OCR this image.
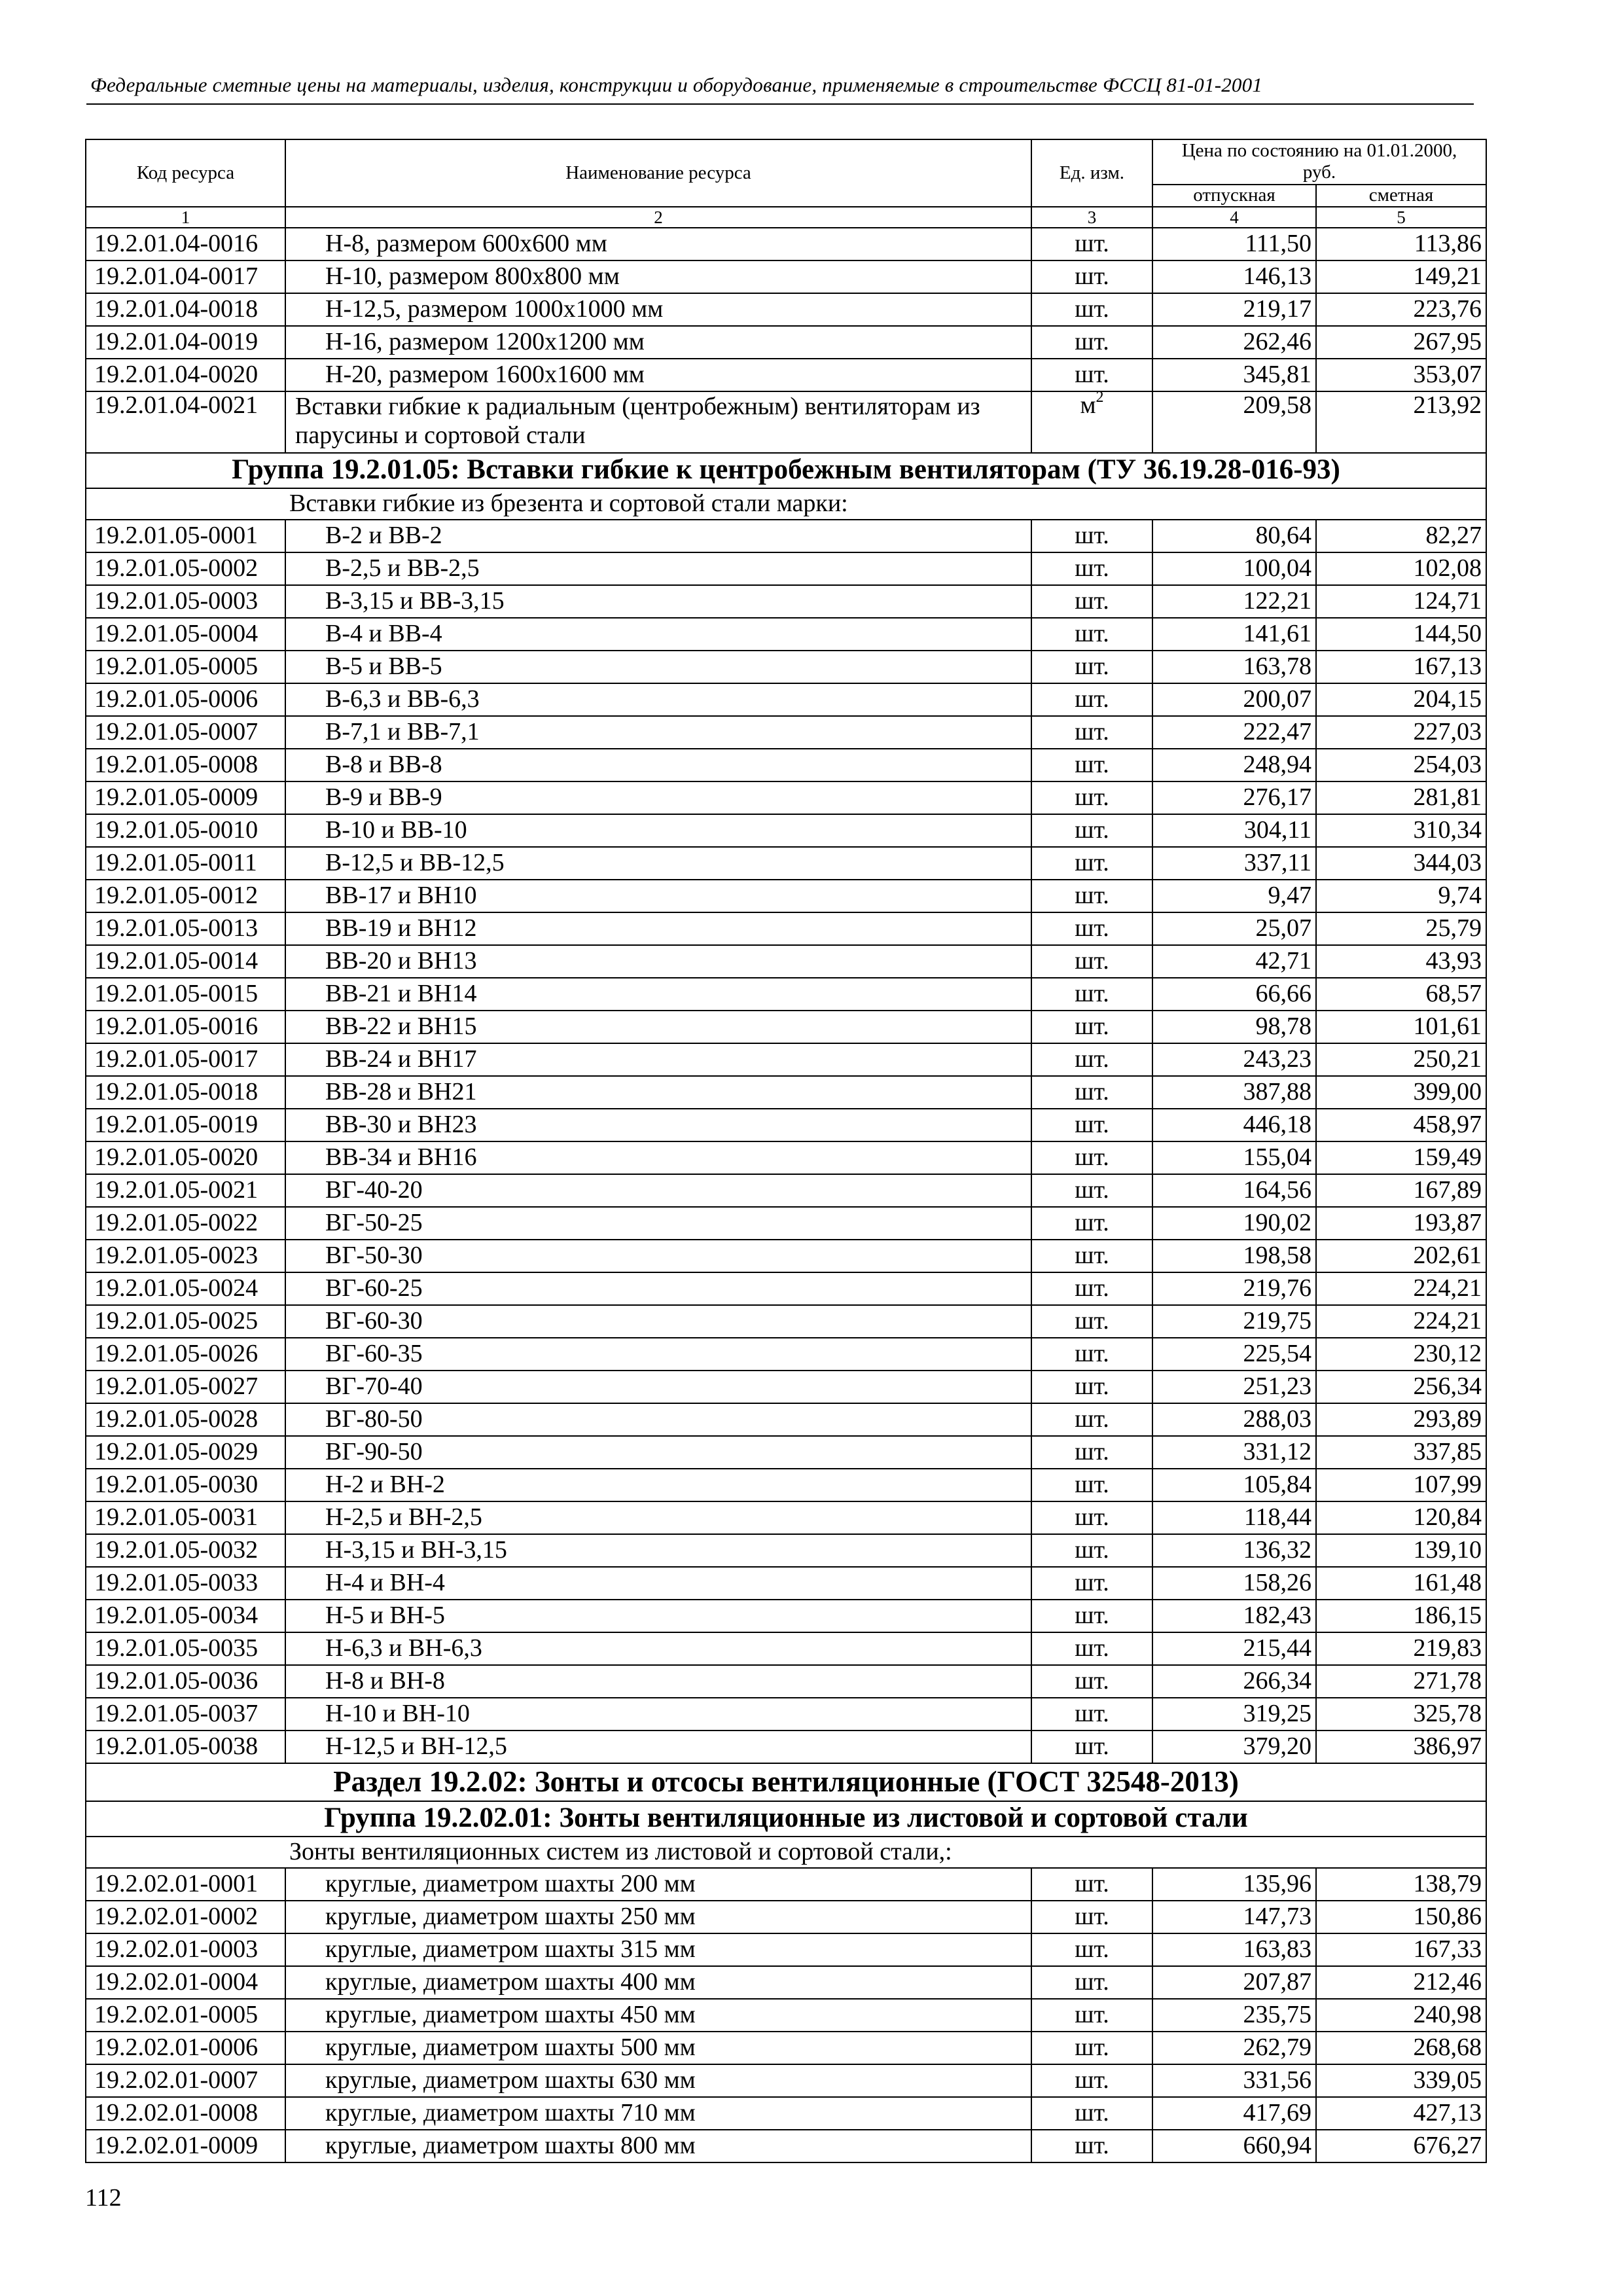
Федеральные сметные цены на материалы, изделия, конструкции и оборудование, применяемые в строительстве ФССЦ 81-01-2001
Код ресурса	Наименование ресурса	Ед. изм.	Цена по состоянию на 01.01.2000, руб.	
			отпускная	сметная
1	2	3	4	5
19.2.01.04-0016	Н-8, размером 600х600 мм	шт.	111,50	113,86
19.2.01.04-0017	Н-10, размером 800х800 мм	шт.	146,13	149,21
19.2.01.04-0018	Н-12,5, размером 1000х1000 мм	шт.	219,17	223,76
19.2.01.04-0019	Н-16, размером 1200х1200 мм	шт.	262,46	267,95
19.2.01.04-0020	Н-20, размером 1600х1600 мм	шт.	345,81	353,07
19.2.01.04-0021	Вставки гибкие к радиальным (центробежным) вентиляторам из парусины и сортовой стали	$м^2$	209,58	213,92
Группа 19.2.01.05: Вставки гибкие к центробежным вентиляторам (ТУ 36.19.28-016-93)				
Вставки гибкие из брезента и сортовой стали марки:				
19.2.01.05-0001	В-2 и ВВ-2	шт.	80,64	82,27
19.2.01.05-0002	В-2,5 и ВВ-2,5	шт.	100,04	102,08
19.2.01.05-0003	В-3,15 и ВВ-3,15	шт.	122,21	124,71
19.2.01.05-0004	В-4 и ВВ-4	шт.	141,61	144,50
19.2.01.05-0005	В-5 и ВВ-5	шт.	163,78	167,13
19.2.01.05-0006	В-6,3 и ВВ-6,3	шт.	200,07	204,15
19.2.01.05-0007	В-7,1 и ВВ-7,1	шт.	222,47	227,03
19.2.01.05-0008	В-8 и ВВ-8	шт.	248,94	254,03
19.2.01.05-0009	В-9 и ВВ-9	шт.	276,17	281,81
19.2.01.05-0010	В-10 и ВВ-10	шт.	304,11	310,34
19.2.01.05-0011	В-12,5 и ВВ-12,5	шт.	337,11	344,03
19.2.01.05-0012	ВВ-17 и ВН10	шт.	9,47	9,74
19.2.01.05-0013	ВВ-19 и ВН12	шт.	25,07	25,79
19.2.01.05-0014	ВВ-20 и ВН13	шт.	42,71	43,93
19.2.01.05-0015	ВВ-21 и ВН14	шт.	66,66	68,57
19.2.01.05-0016	ВВ-22 и ВН15	шт.	98,78	101,61
19.2.01.05-0017	ВВ-24 и ВН17	шт.	243,23	250,21
19.2.01.05-0018	ВВ-28 и ВН21	шт.	387,88	399,00
19.2.01.05-0019	ВВ-30 и ВН23	шт.	446,18	458,97
19.2.01.05-0020	ВВ-34 и ВН16	шт.	155,04	159,49
19.2.01.05-0021	ВГ-40-20	шт.	164,56	167,89
19.2.01.05-0022	ВГ-50-25	шт.	190,02	193,87
19.2.01.05-0023	ВГ-50-30	шт.	198,58	202,61
19.2.01.05-0024	ВГ-60-25	шт.	219,76	224,21
19.2.01.05-0025	ВГ-60-30	шт.	219,75	224,21
19.2.01.05-0026	ВГ-60-35	шт.	225,54	230,12
19.2.01.05-0027	ВГ-70-40	шт.	251,23	256,34
19.2.01.05-0028	ВГ-80-50	шт.	288,03	293,89
19.2.01.05-0029	ВГ-90-50	шт.	331,12	337,85
19.2.01.05-0030	Н-2 и ВН-2	шт.	105,84	107,99
19.2.01.05-0031	Н-2,5 и ВН-2,5	шт.	118,44	120,84
19.2.01.05-0032	Н-3,15 и ВН-3,15	шт.	136,32	139,10
19.2.01.05-0033	Н-4 и ВН-4	шт.	158,26	161,48
19.2.01.05-0034	Н-5 и ВН-5	шт.	182,43	186,15
19.2.01.05-0035	Н-6,3 и ВН-6,3	шт.	215,44	219,83
19.2.01.05-0036	Н-8 и ВН-8	шт.	266,34	271,78
19.2.01.05-0037	Н-10 и ВН-10	шт.	319,25	325,78
19.2.01.05-0038	Н-12,5 и ВН-12,5	шт.	379,20	386,97
Раздел 19.2.02: Зонты и отсосы вентиляционные (ГОСТ 32548-2013)				
Группа 19.2.02.01: Зонты вентиляционные из листовой и сортовой стали				
Зонты вентиляционных систем из листовой и сортовой стали,:				
19.2.02.01-0001	круглые, диаметром шахты 200 мм	шт.	135,96	138,79
19.2.02.01-0002	круглые, диаметром шахты 250 мм	шт.	147,73	150,86
19.2.02.01-0003	круглые, диаметром шахты 315 мм	шт.	163,83	167,33
19.2.02.01-0004	круглые, диаметром шахты 400 мм	шт.	207,87	212,46
19.2.02.01-0005	круглые, диаметром шахты 450 мм	шт.	235,75	240,98
19.2.02.01-0006	круглые, диаметром шахты 500 мм	шт.	262,79	268,68
19.2.02.01-0007	круглые, диаметром шахты 630 мм	шт.	331,56	339,05
19.2.02.01-0008	круглые, диаметром шахты 710 мм	шт.	417,69	427,13
19.2.02.01-0009	круглые, диаметром шахты 800 мм	шт.	660,94	676,27
112
